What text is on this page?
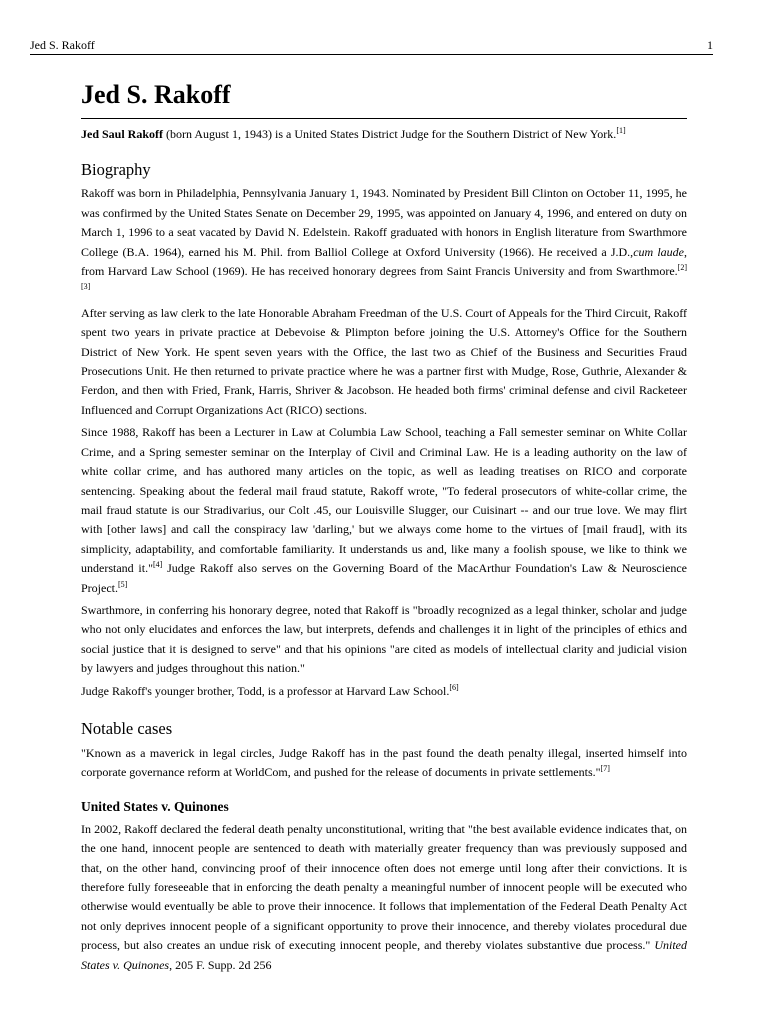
Jed S. Rakoff	1
Jed S. Rakoff

Jed Saul Rakoff (born August 1, 1943) is a United States District Judge for the Southern District of New York.[1]

Biography

Rakoff was born in Philadelphia, Pennsylvania January 1, 1943. Nominated by President Bill Clinton on October 11, 1995, he was confirmed by the United States Senate on December 29, 1995, was appointed on January 4, 1996, and entered on duty on March 1, 1996 to a seat vacated by David N. Edelstein. Rakoff graduated with honors in English literature from Swarthmore College (B.A. 1964), earned his M. Phil. from Balliol College at Oxford University (1966). He received a J.D.,cum laude, from Harvard Law School (1969). He has received honorary degrees from Saint Francis University and from Swarthmore.[2] [3]

After serving as law clerk to the late Honorable Abraham Freedman of the U.S. Court of Appeals for the Third Circuit, Rakoff spent two years in private practice at Debevoise & Plimpton before joining the U.S. Attorney's Office for the Southern District of New York. He spent seven years with the Office, the last two as Chief of the Business and Securities Fraud Prosecutions Unit. He then returned to private practice where he was a partner first with Mudge, Rose, Guthrie, Alexander & Ferdon, and then with Fried, Frank, Harris, Shriver & Jacobson. He headed both firms' criminal defense and civil Racketeer Influenced and Corrupt Organizations Act (RICO) sections.

Since 1988, Rakoff has been a Lecturer in Law at Columbia Law School, teaching a Fall semester seminar on White Collar Crime, and a Spring semester seminar on the Interplay of Civil and Criminal Law. He is a leading authority on the law of white collar crime, and has authored many articles on the topic, as well as leading treatises on RICO and corporate sentencing. Speaking about the federal mail fraud statute, Rakoff wrote, "To federal prosecutors of white-collar crime, the mail fraud statute is our Stradivarius, our Colt .45, our Louisville Slugger, our Cuisinart -- and our true love. We may flirt with [other laws] and call the conspiracy law 'darling,' but we always come home to the virtues of [mail fraud], with its simplicity, adaptability, and comfortable familiarity. It understands us and, like many a foolish spouse, we like to think we understand it."[4] Judge Rakoff also serves on the Governing Board of the MacArthur Foundation's Law & Neuroscience Project.[5]

Swarthmore, in conferring his honorary degree, noted that Rakoff is "broadly recognized as a legal thinker, scholar and judge who not only elucidates and enforces the law, but interprets, defends and challenges it in light of the principles of ethics and social justice that it is designed to serve" and that his opinions "are cited as models of intellectual clarity and judicial vision by lawyers and judges throughout this nation."

Judge Rakoff's younger brother, Todd, is a professor at Harvard Law School.[6]

Notable cases

"Known as a maverick in legal circles, Judge Rakoff has in the past found the death penalty illegal, inserted himself into corporate governance reform at WorldCom, and pushed for the release of documents in private settlements."[7]

United States v. Quinones

In 2002, Rakoff declared the federal death penalty unconstitutional, writing that "the best available evidence indicates that, on the one hand, innocent people are sentenced to death with materially greater frequency than was previously supposed and that, on the other hand, convincing proof of their innocence often does not emerge until long after their convictions. It is therefore fully foreseeable that in enforcing the death penalty a meaningful number of innocent people will be executed who otherwise would eventually be able to prove their innocence. It follows that implementation of the Federal Death Penalty Act not only deprives innocent people of a significant opportunity to prove their innocence, and thereby violates procedural due process, but also creates an undue risk of executing innocent people, and thereby violates substantive due process." United States v. Quinones, 205 F. Supp. 2d 256
